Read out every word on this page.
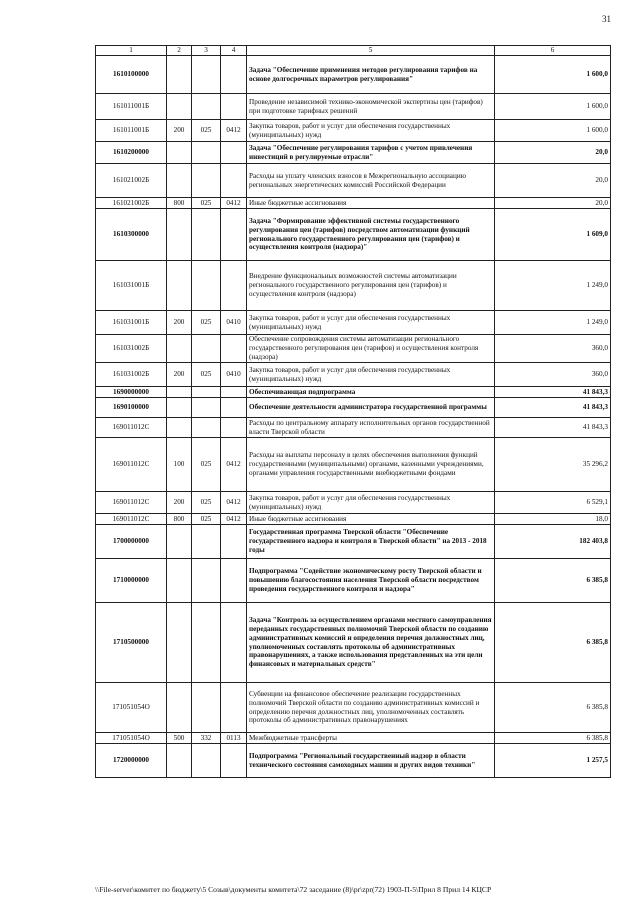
31
1	2	3	4	5	6
1610100000				Задача "Обеспечение применения методов регулирования тарифов на основе долгосрочных параметров регулирования"	1 600,0
161011001Б				Проведение независимой технико-экономической экспертизы цен (тарифов) при подготовке тарифных решений	1 600,0
161011001Б	200	025	0412	Закупка товаров, работ и услуг для обеспечения государственных (муниципальных) нужд	1 600,0
1610200000				Задача "Обеспечение регулирования тарифов с учетом привлечения инвестиций в регулируемые отрасли"	20,0
161021002Б				Расходы на уплату членских взносов в Межрегиональную ассоциацию региональных энергетических комиссий Российской Федерации	20,0
161021002Б	800	025	0412	Иные бюджетные ассигнования	20,0
1610300000				Задача "Формирование эффективной системы государственного регулирования цен (тарифов) посредством автоматизации функций регионального государственного регулирования цен (тарифов) и осуществления контроля (надзора)"	1 609,0
161031001Б				Внедрение функциональных возможностей системы автоматизации регионального государственного регулирования цен (тарифов) и осуществления контроля (надзора)	1 249,0
161031001Б	200	025	0410	Закупка товаров, работ и услуг для обеспечения государственных (муниципальных) нужд	1 249,0
161031002Б				Обеспечение сопровождения системы автоматизации регионального государственного регулирования цен (тарифов) и осуществления контроля (надзора)	360,0
161031002Б	200	025	0410	Закупка товаров, работ и услуг для обеспечения государственных (муниципальных) нужд	360,0
1690000000				Обеспечивающая подпрограмма	41 843,3
1690100000				Обеспечение деятельности администратора государственной программы	41 843,3
169011012С				Расходы по центральному аппарату исполнительных органов государственной власти Тверской области	41 843,3
169011012С	100	025	0412	Расходы на выплаты персоналу в целях обеспечения выполнения функций государственными (муниципальными) органами, казенными учреждениями, органами управления государственными внебюджетными фондами	35 296,2
169011012С	200	025	0412	Закупка товаров, работ и услуг для обеспечения государственных (муниципальных) нужд	6 529,1
169011012С	800	025	0412	Иные бюджетные ассигнования	18,0
1700000000				Государственная программа Тверской области "Обеспечение государственного надзора и контроля в Тверской области" на 2013 - 2018 годы	182 403,8
1710000000				Подпрограмма "Содействие экономическому росту Тверской области и повышению благосостояния населения Тверской области посредством проведения государственного контроля и надзора"	6 385,8
1710500000				Задача "Контроль за осуществлением органами местного самоуправления переданных государственных полномочий Тверской области по созданию административных комиссий и определения перечня должностных лиц, уполномоченных составлять протоколы об административных правонарушениях, а также использования представленных на эти цели финансовых и материальных средств"	6 385,8
171051054О				Субвенции на финансовое обеспечение реализации государственных полномочий Тверской области по созданию административных комиссий и определению перечня должностных лиц, уполномоченных составлять протоколы об административных правонарушениях	6 385,8
171051054О	500	332	0113	Межбюджетные трансферты	6 385,8
1720000000				Подпрограмма "Региональный государственный надзор в области технического состояния самоходных машин и других видов техники"	1 257,5
\\File-server\комитет по бюджету\5 Созыв\документы комитета\72 заседание (8)\pr\zpr(72) 1903-П-5\Прил 8 Прил 14 КЦСР
